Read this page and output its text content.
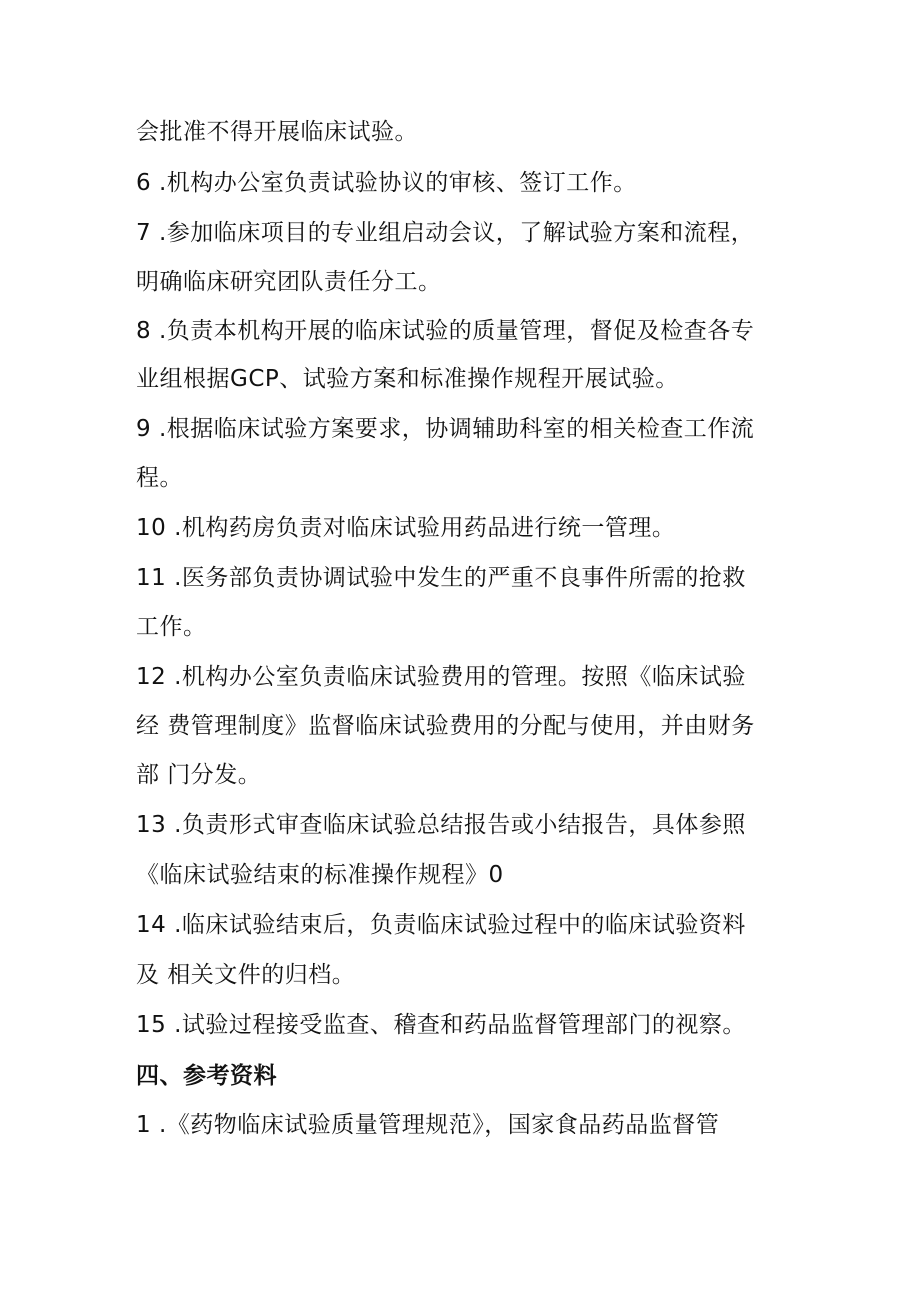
会批准不得开展临床试验。
6 .机构办公室负责试验协议的审核、签订工作。
7 .参加临床项目的专业组启动会议，了解试验方案和流程，
明确临床研究团队责任分工。
8 .负责本机构开展的临床试验的质量管理，督促及检查各专
业组根据GCP、试验方案和标准操作规程开展试验。
9 .根据临床试验方案要求，协调辅助科室的相关检查工作流
程。
10 .机构药房负责对临床试验用药品进行统一管理。
11 .医务部负责协调试验中发生的严重不良事件所需的抢救
工作。
12 .机构办公室负责临床试验费用的管理。按照《临床试验
经 费管理制度》监督临床试验费用的分配与使用，并由财务
部 门分发。
13 .负责形式审查临床试验总结报告或小结报告，具体参照
《临床试验结束的标准操作规程》0
14 .临床试验结束后，负责临床试验过程中的临床试验资料
及 相关文件的归档。
15 .试验过程接受监查、稽查和药品监督管理部门的视察。
四、参考资料
1 .《药物临床试验质量管理规范》，国家食品药品监督管
